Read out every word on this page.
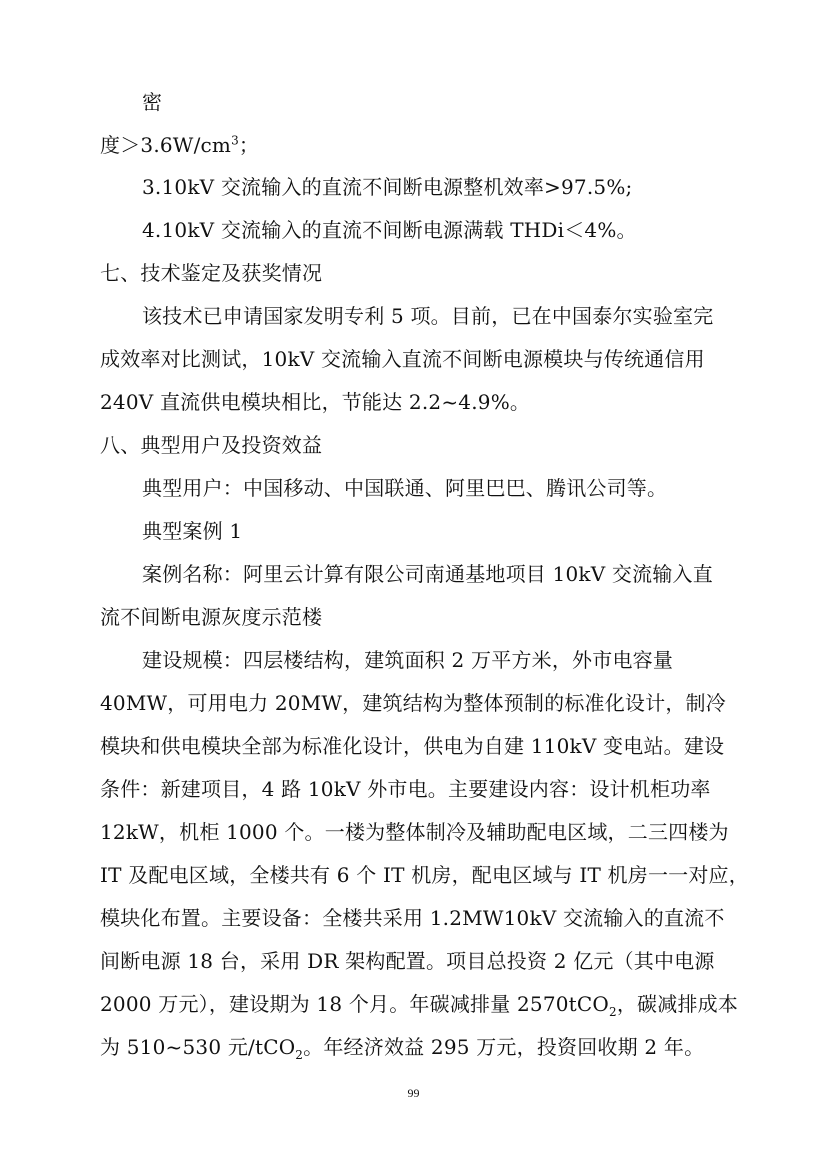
密
度$>3.6W/cm^3$；
3.10kV 交流输入的直流不间断电源整机效率>97.5%;
4.10kV 交流输入的直流不间断电源满载 THDi＜4%。
七、技术鉴定及获奖情况
该技术已申请国家发明专利 5 项。目前，已在中国泰尔实验室完
成效率对比测试，10kV 交流输入直流不间断电源模块与传统通信用
240V 直流供电模块相比，节能达 2.2~4.9%。
八、典型用户及投资效益
典型用户：中国移动、中国联通、阿里巴巴、腾讯公司等。
典型案例 1
案例名称：阿里云计算有限公司南通基地项目 10kV 交流输入直
流不间断电源灰度示范楼
建设规模：四层楼结构，建筑面积 2 万平方米，外市电容量
40MW，可用电力 20MW，建筑结构为整体预制的标准化设计，制冷
模块和供电模块全部为标准化设计，供电为自建 110kV 变电站。建设
条件：新建项目，4 路 10kV 外市电。主要建设内容：设计机柜功率
12kW，机柜 1000 个。一楼为整体制冷及辅助配电区域，二三四楼为
IT 及配电区域，全楼共有 6 个 IT 机房，配电区域与 IT 机房一一对应，
模块化布置。主要设备：全楼共采用 1.2MW10kV 交流输入的直流不
间断电源 18 台，采用 DR 架构配置。项目总投资 2 亿元（其中电源
2000 万元），建设期为 18 个月。年碳减排量 2570tCO$_2$，碳减排成本
为 510~530 元/tCO$_2$。年经济效益 295 万元，投资回收期 2 年。
99
